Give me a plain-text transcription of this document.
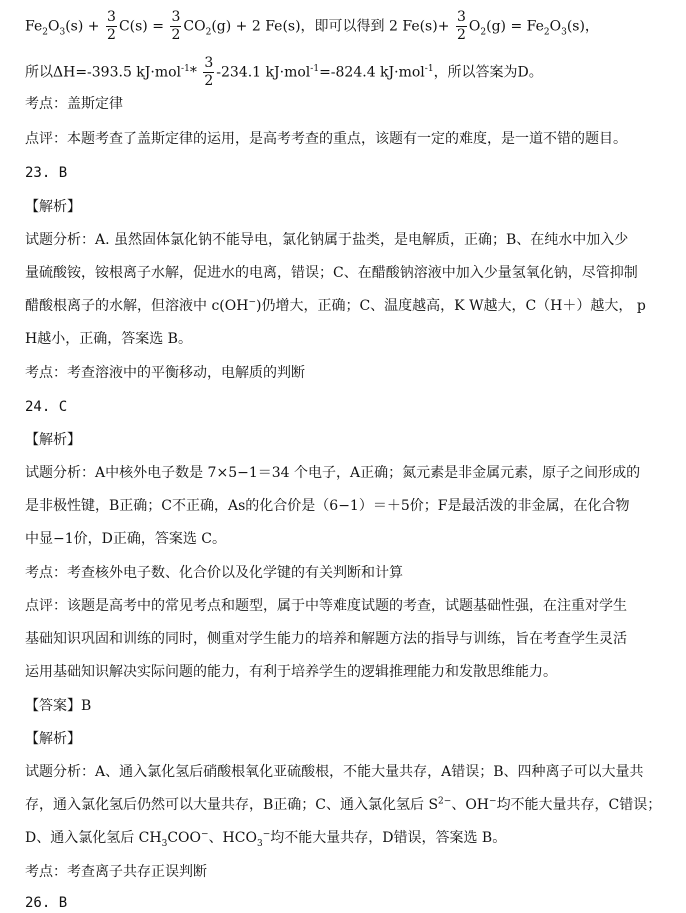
$Fe_2O_3(s) + \frac{3}{2} C(s) = \frac{3}{2} CO_2(g) + 2$ Fe(s)，即可以得到 2 $Fe(s)+ \frac{3}{2} O_2(g) = Fe_2O_3(s)$，
所以ΔH=-393.5 $kJ\cdot mol^{-1}* \frac{3}{2} -234.1$ kJ·mol$^{-1}$=-824.4 kJ·mol$^{-1}$，所以答案为D。
考点：盖斯定律
点评：本题考查了盖斯定律的运用，是高考考查的重点，该题有一定的难度，是一道不错的题目。
23. B
【解析】
试题分析：A. 虽然固体氯化钠不能导电，氯化钠属于盐类，是电解质，正确；B、在纯水中加入少
量硫酸铵，铵根离子水解，促进水的电离，错误；C、在醋酸钠溶液中加入少量氢氧化钠，尽管抑制
醋酸根离子的水解，但溶液中 c(OH−)仍增大，正确；C、温度越高，K W越大，C（H＋）越大， p
H越小，正确，答案选 B。
考点：考查溶液中的平衡移动，电解质的判断
24. C
【解析】
试题分析：A中核外电子数是 7×5−1＝34 个电子，A正确；氮元素是非金属元素，原子之间形成的
是非极性键，B正确；C不正确，As的化合价是（6−1）＝＋5价；F是最活泼的非金属，在化合物
中显−1价，D正确，答案选 C。
考点：考查核外电子数、化合价以及化学键的有关判断和计算
点评：该题是高考中的常见考点和题型，属于中等难度试题的考查，试题基础性强，在注重对学生
基础知识巩固和训练的同时，侧重对学生能力的培养和解题方法的指导与训练，旨在考查学生灵活
运用基础知识解决实际问题的能力，有利于培养学生的逻辑推理能力和发散思维能力。
【答案】B
【解析】
试题分析：A、通入氯化氢后硝酸根氧化亚硫酸根，不能大量共存，A错误；B、四种离子可以大量共
存，通入氯化氢后仍然可以大量共存，B正确；C、通入氯化氢后 $S^{2-}$、OH−均不能大量共存，C错误；
D、通入氯化氢后 $CH_3COO^-$、$HCO_3^-$均不能大量共存，D错误，答案选 B。
考点：考查离子共存正误判断
26. B
